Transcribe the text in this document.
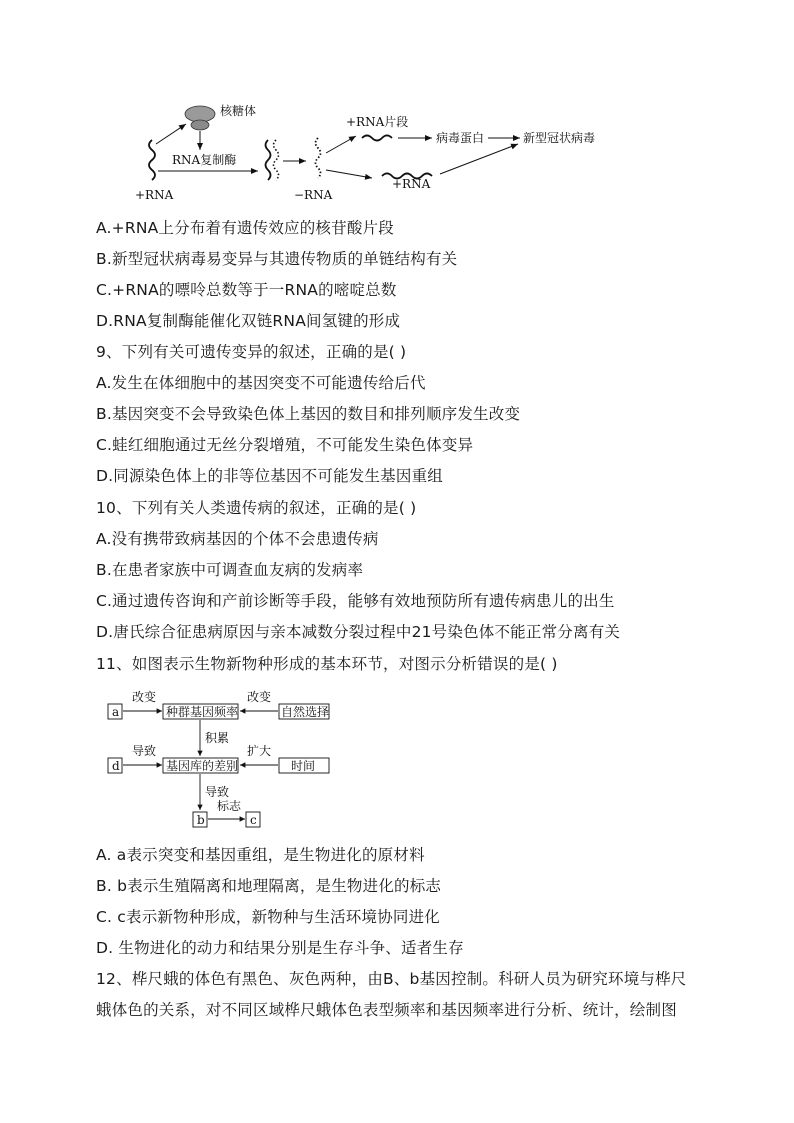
核糖体
+RNA
RNA复制酶
−RNA
+RNA片段
病毒蛋白	新型冠状病毒
+RNA
A.+RNA上分布着有遗传效应的核苷酸片段
B.新型冠状病毒易变异与其遗传物质的单链结构有关
C.+RNA的嘌呤总数等于一RNA的嘧啶总数
D.RNA复制酶能催化双链RNA间氢键的形成
9、下列有关可遗传变异的叙述，正确的是( )
A.发生在体细胞中的基因突变不可能遗传给后代
B.基因突变不会导致染色体上基因的数目和排列顺序发生改变
C.蛙红细胞通过无丝分裂增殖，不可能发生染色体变异
D.同源染色体上的非等位基因不可能发生基因重组
10、下列有关人类遗传病的叙述，正确的是( )
A.没有携带致病基因的个体不会患遗传病
B.在患者家族中可调查血友病的发病率
C.通过遗传咨询和产前诊断等手段，能够有效地预防所有遗传病患儿的出生
D.唐氏综合征患病原因与亲本减数分裂过程中21号染色体不能正常分离有关
11、如图表示生物新物种形成的基本环节，对图示分析错误的是( )
a
改变
种群基因频率
改变
自然选择
积累
d
导致
基因库的差别
扩大
时间
导致
b
标志
c
A. a表示突变和基因重组，是生物进化的原材料
B. b表示生殖隔离和地理隔离，是生物进化的标志
C. c表示新物种形成，新物种与生活环境协同进化
D. 生物进化的动力和结果分别是生存斗争、适者生存
12、桦尺蛾的体色有黑色、灰色两种，由B、b基因控制。科研人员为研究环境与桦尺
蛾体色的关系，对不同区域桦尺蛾体色表型频率和基因频率进行分析、统计，绘制图
